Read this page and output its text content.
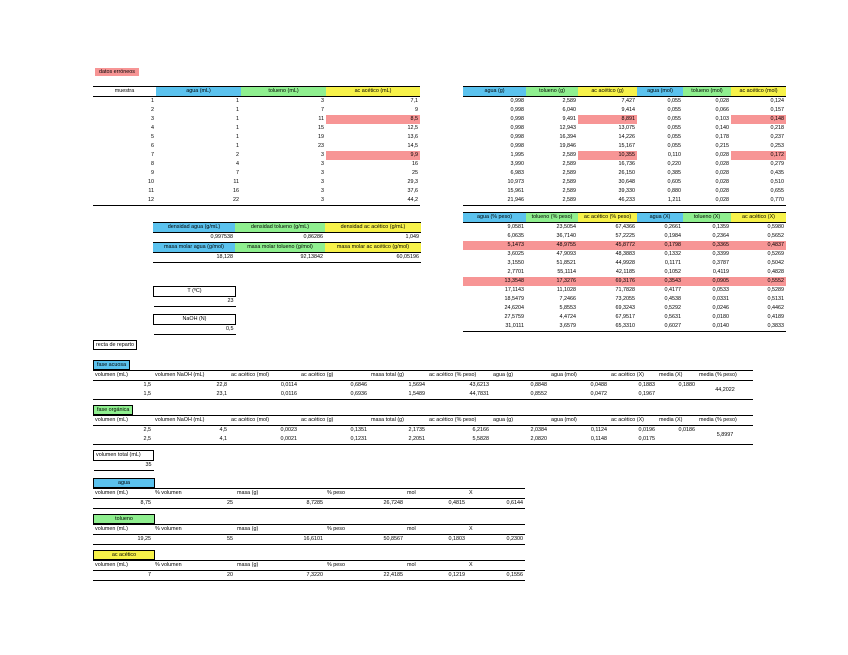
datos erróneos
muestra	agua (mL)	tolueno (mL)	ac acético (mL)
1	1	3	7,1
2	1	7	9
3	1	11	8,5
4	1	15	12,5
5	1	19	13,6
6	1	23	14,5
7	2	3	9,9
8	4	3	16
9	7	3	25
10	11	3	29,3
11	16	3	37,6
12	22	3	44,2
agua (g)	tolueno (g)	ac acético (g)	agua (mol)	tolueno (mol)	ac acético (mol)
0,998	2,589	7,427	0,055	0,028	0,124
0,998	6,040	9,414	0,055	0,066	0,157
0,998	9,491	8,891	0,055	0,103	0,148
0,998	12,943	13,075	0,055	0,140	0,218
0,998	16,394	14,226	0,055	0,178	0,237
0,998	19,846	15,167	0,055	0,215	0,253
1,995	2,589	10,355	0,110	0,028	0,172
3,990	2,589	16,736	0,220	0,028	0,279
6,983	2,589	26,150	0,385	0,028	0,435
10,973	2,589	30,648	0,605	0,028	0,510
15,961	2,589	39,330	0,880	0,028	0,655
21,946	2,589	46,233	1,211	0,028	0,770
agua (% peso)	tolueno (% peso)	ac acético (% peso)	agua (X)	tolueno (X)	ac acético (X)
9,0581	23,5054	67,4366	0,2661	0,1359	0,5980
6,0635	36,7140	57,2225	0,1984	0,2364	0,5652
5,1473	48,9755	45,8772	0,1798	0,3365	0,4837
3,6025	47,9093	48,3883	0,1332	0,3399	0,5269
3,1550	51,8521	44,9928	0,1171	0,3787	0,5042
2,7701	55,1114	42,1185	0,1052	0,4119	0,4828
13,3548	17,3276	69,3176	0,3543	0,0905	0,5552
17,1143	11,1028	71,7828	0,4177	0,0533	0,5289
18,5479	7,2466	73,2055	0,4538	0,0331	0,5131
24,6204	5,8553	69,3243	0,5292	0,0246	0,4462
27,5759	4,4724	67,9517	0,5631	0,0180	0,4189
31,0111	3,6579	65,3310	0,6027	0,0140	0,3833
densidad agua (g/mL)	densidad tolueno (g/mL)	densidad ac acético (g/mL)
0,997538	0,86286	1,049
masa molar agua (g/mol)	masa molar tolueno (g/mol)	masa molar ac acético (g/mol)
18,128	92,13842	60,05196
T (ºC)
23
NaOH (N)
0,5
recta de reparto
fase acuosa
volumen (mL)	volumen NaOH (mL)	ac acético (mol)	ac acético (g)	masa total (g)	ac acético (% peso)	agua (g)	agua (mol)	ac acético (X)	media (X)	media (% peso)
1,5	22,8	0,0114	0,6846	1,5694	43,6213	0,8848	0,0488	0,1883	0,1880	44,2022
1,5	23,1	0,0116	0,6936	1,5489	44,7831	0,8552	0,0472	0,1967		
fase orgánica
volumen (mL)	volumen NaOH (mL)	ac acético (mol)	ac acético (g)	masa total (g)	ac acético (% peso)	agua (g)	agua (mol)	ac acético (X)	media (X)	media (% peso)
2,5	4,5	0,0023	0,1351	2,1735	6,2166	2,0384	0,1124	0,0196	0,0186	5,8997
2,5	4,1	0,0021	0,1231	2,2051	5,5828	2,0820	0,1148	0,0175		
volumen total (mL)
35
agua
volumen (mL)	% volumen	masa (g)	% peso	mol	X
8,75	25	8,7285	26,7248	0,4815	0,6144
tolueno
volumen (mL)	% volumen	masa (g)	% peso	mol	X
19,25	55	16,6101	50,8567	0,1803	0,2300
ac acético
volumen (mL)	% volumen	masa (g)	% peso	mol	X
7	20	7,3220	22,4185	0,1219	0,1556
